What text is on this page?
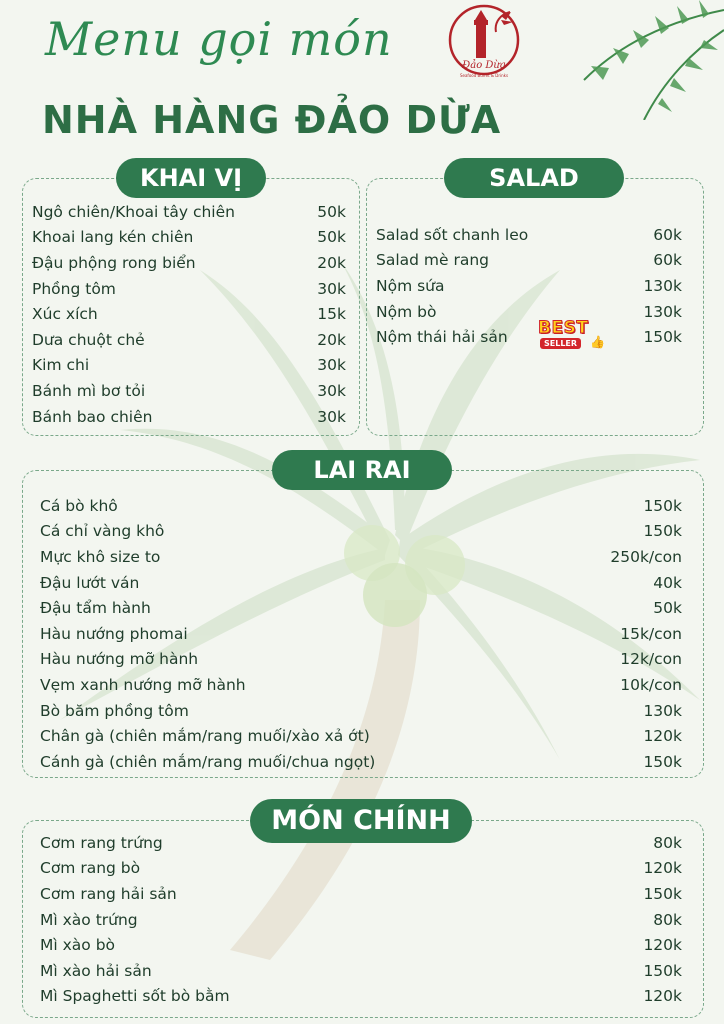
Menu gọi món	Đảo Dừa
Seafood Buffet & Drinks
NHÀ HÀNG ĐẢO DỪA
KHAI VỊ
Ngô chiên/Khoai tây chiên	50k
Khoai lang kén chiên	50k
Đậu phộng rong biển	20k
Phồng tôm	30k
Xúc xích	15k
Dưa chuột chẻ	20k
Kim chi	30k
Bánh mì bơ tỏi	30k
Bánh bao chiên	30k
SALAD
Salad sốt chanh leo	60k
Salad mè rang	60k
Nộm sứa	130k
Nộm bò	130k
Nộm thái hải sản	150k
BEST
SELLER	👍
LAI RAI
Cá bò khô	150k
Cá chỉ vàng khô	150k
Mực khô size to	250k/con
Đậu lướt ván	40k
Đậu tẩm hành	50k
Hàu nướng phomai	15k/con
Hàu nướng mỡ hành	12k/con
Vẹm xanh nướng mỡ hành	10k/con
Bò băm phồng tôm	130k
Chân gà (chiên mắm/rang muối/xào xả ớt)	120k
Cánh gà (chiên mắm/rang muối/chua ngọt)	150k
MÓN CHÍNH
Cơm rang trứng	80k
Cơm rang bò	120k
Cơm rang hải sản	150k
Mì xào trứng	80k
Mì xào bò	120k
Mì xào hải sản	150k
Mì Spaghetti sốt bò bằm	120k
